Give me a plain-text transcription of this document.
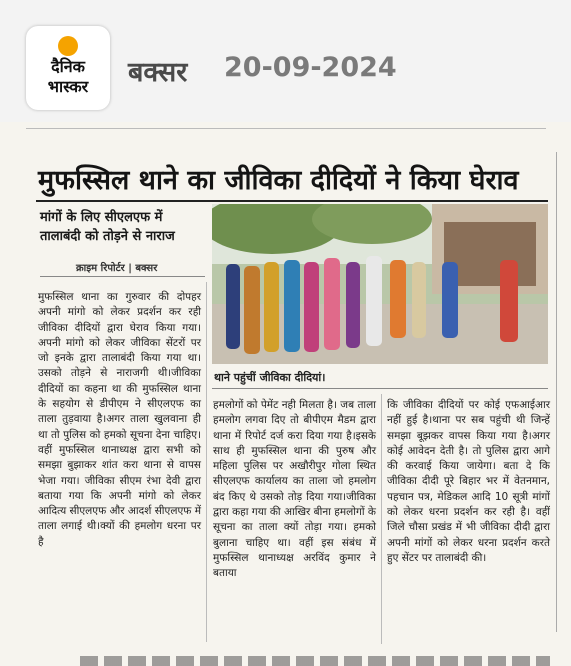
दैनिक
भास्कर	बक्सर 20-09-2024
मुफस्सिल थाने का जीविका दीदियों ने किया घेराव
मांगों के लिए सीएलएफ में तालाबंदी को तोड़ने से नाराज
क्राइम रिपोर्टर | बक्सर
थाने पहुंचीं जीविका दीदियां।

मुफस्सिल थाना का गुरुवार की दोपहर अपनी मांगो को लेकर प्रदर्शन कर रही जीविका दीदियों द्वारा घेराव किया गया।अपनी मांगो को लेकर जीविका सेंटरों पर जो इनके द्वारा तालाबंदी किया गया था।उसको तोड़ने से नाराजगी थी।जीविका दीदियों का कहना था की मुफस्सिल थाना के सहयोग से डीपीएम ने सीएलएफ का ताला तुड़वाया है।अगर ताला खुलवाना ही था तो पुलिस को हमको सूचना देना चाहिए।वहीं मुफस्सिल थानाध्यक्ष द्वारा सभी को समझा बुझाकर शांत करा थाना से वापस भेजा गया। जीविका सीएम रंभा देवी द्वारा बताया गया कि अपनी मांगो को लेकर आदित्य सीएलएफ और आदर्श सीएलएफ में ताला लगाई थी।क्यों की हमलोग धरना पर है

हमलोगों को पेमेंट नही मिलता है। जब ताला हमलोग लगवा दिए तो बीपीएम मैडम द्वारा थाना में रिपोर्ट दर्ज करा दिया गया है।इसके साथ ही मुफस्सिल थाना की पुरुष और महिला पुलिस पर अखौरीपुर गोला स्थित सीएलएफ कार्यालय का ताला जो हमलोग बंद किए थे उसको तोड़ दिया गया।जीविका द्वारा कहा गया की आखिर बीना हमलोगों के सूचना का ताला क्यों तोड़ा गया। हमको बुलाना चाहिए था। वहीं इस संबंध में मुफस्सिल थानाध्यक्ष अरविंद कुमार ने बताया

कि जीविका दीदियों पर कोई एफआईआर नहीं हुई है।थाना पर सब पहुंची थी जिन्हें समझा बूझकर वापस किया गया है।अगर कोई आवेदन देती है। तो पुलिस द्वारा आगे की करवाई किया जायेगा। बता दे कि जीविका दीदी पूरे बिहार भर में वेतनमान, पहचान पत्र, मेडिकल आदि 10 सूत्री मांगों को लेकर धरना प्रदर्शन कर रही है। वहीं जिले चौसा प्रखंड में भी जीविका दीदी द्वारा अपनी मांगों को लेकर धरना प्रदर्शन करते हुए सेंटर पर तालाबंदी की।
